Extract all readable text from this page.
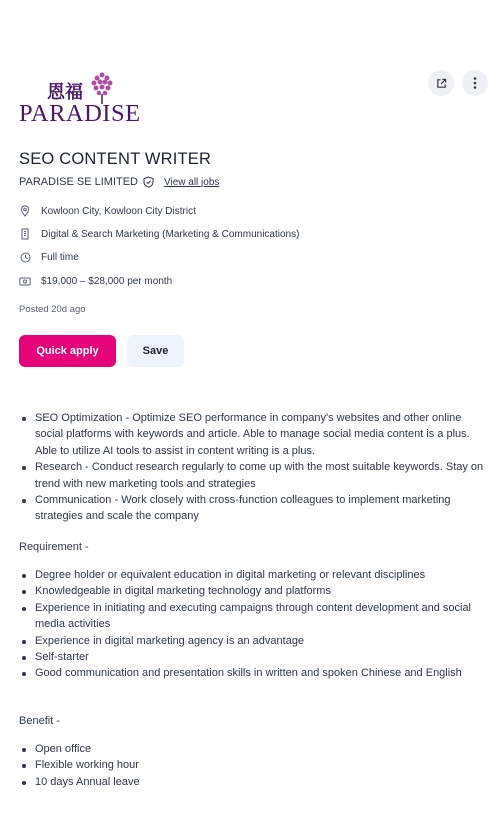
恩福
PARADISE
SEO CONTENT WRITER
PARADISE SE LIMITED	View all jobs
Kowloon City, Kowloon City District
Digital & Search Marketing (Marketing & Communications)
Full time
$19,000 – $28,000 per month
Posted 20d ago
Quick apply	Save
SEO Optimization - Optimize SEO performance in company's websites and other online social platforms with keywords and article. Able to manage social media content is a plus. Able to utilize AI tools to assist in content writing is a plus.
Research - Conduct research regularly to come up with the most suitable keywords. Stay on trend with new marketing tools and strategies
Communication - Work closely with cross-function colleagues to implement marketing strategies and scale the company
Requirement -
Degree holder or equivalent education in digital marketing or relevant disciplines
Knowledgeable in digital marketing technology and platforms
Experience in initiating and executing campaigns through content development and social media activities
Experience in digital marketing agency is an advantage
Self-starter
Good communication and presentation skills in written and spoken Chinese and English
Benefit -
Open office
Flexible working hour
10 days Annual leave
